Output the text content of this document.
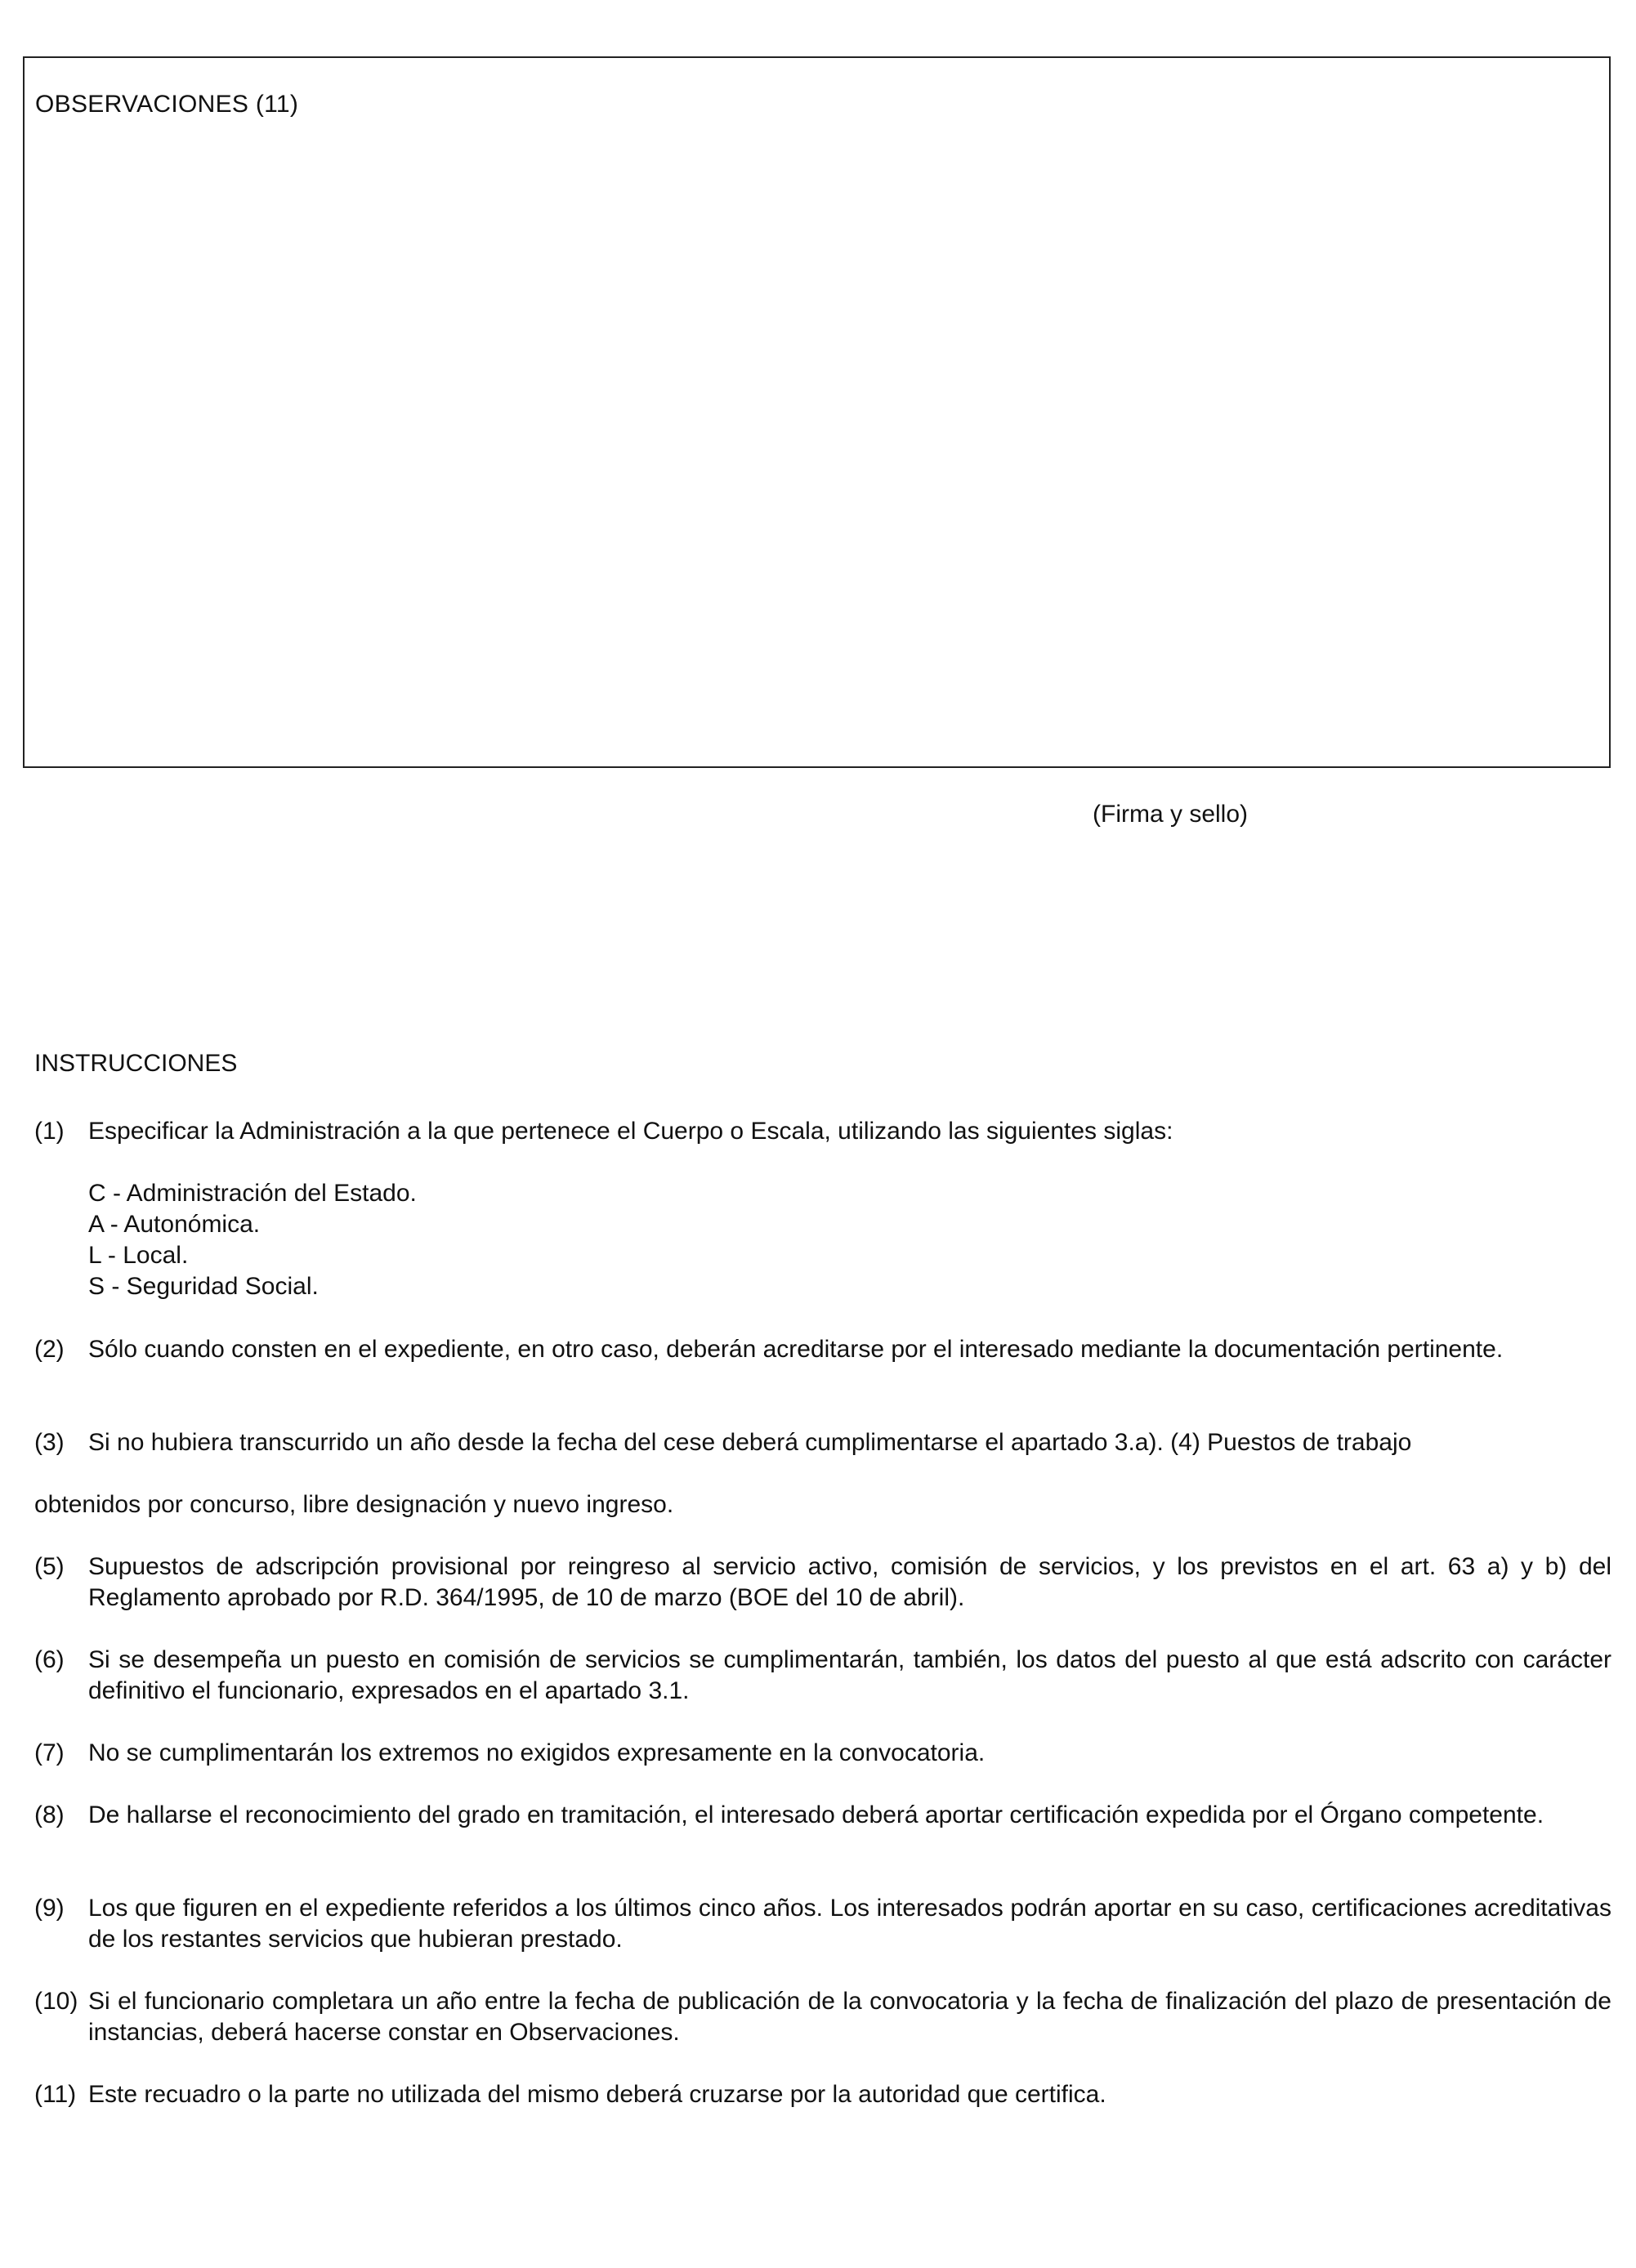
OBSERVACIONES (11)
(Firma y sello)
INSTRUCCIONES
(1) Especificar la Administración a la que pertenece el Cuerpo o Escala, utilizando las siguientes siglas:
C - Administración del Estado.
A - Autonómica.
L - Local.
S - Seguridad Social.
(2) Sólo cuando consten en el expediente, en otro caso, deberán acreditarse por el interesado mediante la documentación pertinente.
(3) Si no hubiera transcurrido un año desde la fecha del cese deberá cumplimentarse el apartado 3.a). (4) Puestos de trabajo
obtenidos por concurso, libre designación y nuevo ingreso.
(5) Supuestos de adscripción provisional por reingreso al servicio activo, comisión de servicios, y los previstos en el art. 63 a) y b) del Reglamento aprobado por R.D. 364/1995, de 10 de marzo (BOE del 10 de abril).
(6) Si se desempeña un puesto en comisión de servicios se cumplimentarán, también, los datos del puesto al que está adscrito con carácter definitivo el funcionario, expresados en el apartado 3.1.
(7) No se cumplimentarán los extremos no exigidos expresamente en la convocatoria.
(8) De hallarse el reconocimiento del grado en tramitación, el interesado deberá aportar certificación expedida por el Órgano competente.
(9) Los que figuren en el expediente referidos a los últimos cinco años. Los interesados podrán aportar en su caso, certificaciones acreditativas de los restantes servicios que hubieran prestado.
(10) Si el funcionario completara un año entre la fecha de publicación de la convocatoria y la fecha de finalización del plazo de presentación de instancias, deberá hacerse constar en Observaciones.
(11) Este recuadro o la parte no utilizada del mismo deberá cruzarse por la autoridad que certifica.
